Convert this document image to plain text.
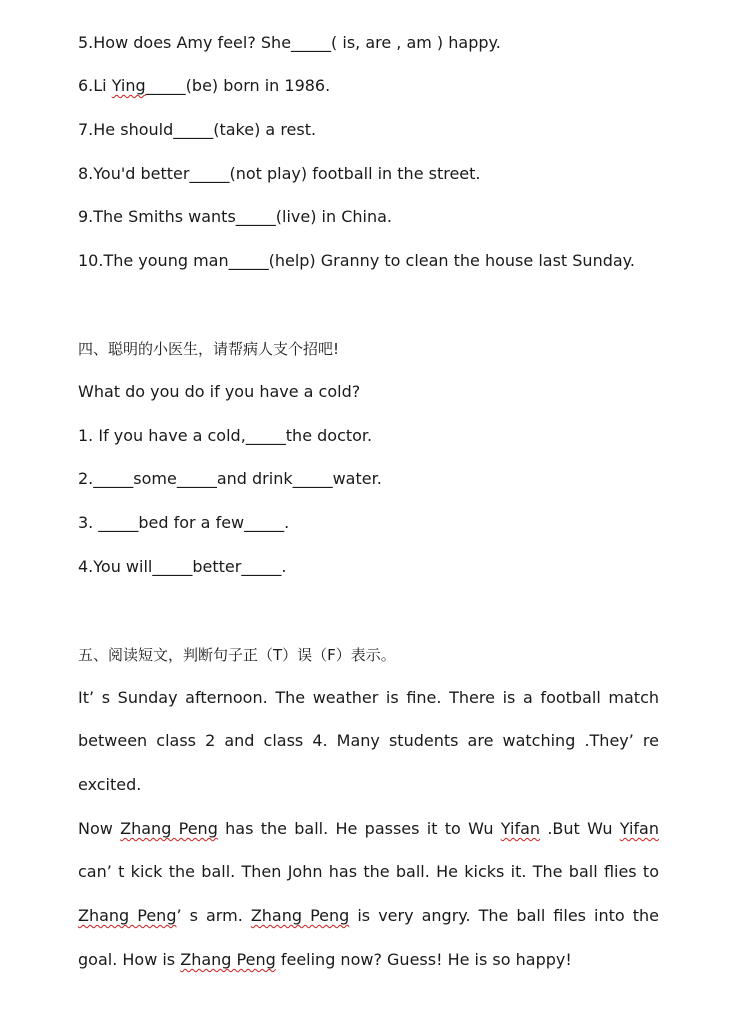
5.How does Amy feel? She_____( is, are , am ) happy.
6.Li Ying_____(be) born in 1986.
7.He should_____(take) a rest.
8.You'd better_____(not play) football in the street.
9.The Smiths wants_____(live) in China.
10.The young man_____(help) Granny to clean the house last Sunday.
四、聪明的小医生，请帮病人支个招吧!
What do you do if you have a cold?
1. If you have a cold,_____the doctor.
2._____some_____and drink_____water.
3. _____bed for a few_____.
4.You will_____better_____.
五、阅读短文，判断句子正（T）误（F）表示。
It’ s Sunday afternoon. The weather is fine. There is a football match
between class 2 and class 4. Many students are watching .They’ re
excited.
Now Zhang Peng has the ball. He passes it to Wu Yifan .But Wu Yifan
can’ t kick the ball. Then John has the ball. He kicks it. The ball flies to
Zhang Peng’ s arm. Zhang Peng is very angry. The ball files into the
goal. How is Zhang Peng feeling now? Guess! He is so happy!
